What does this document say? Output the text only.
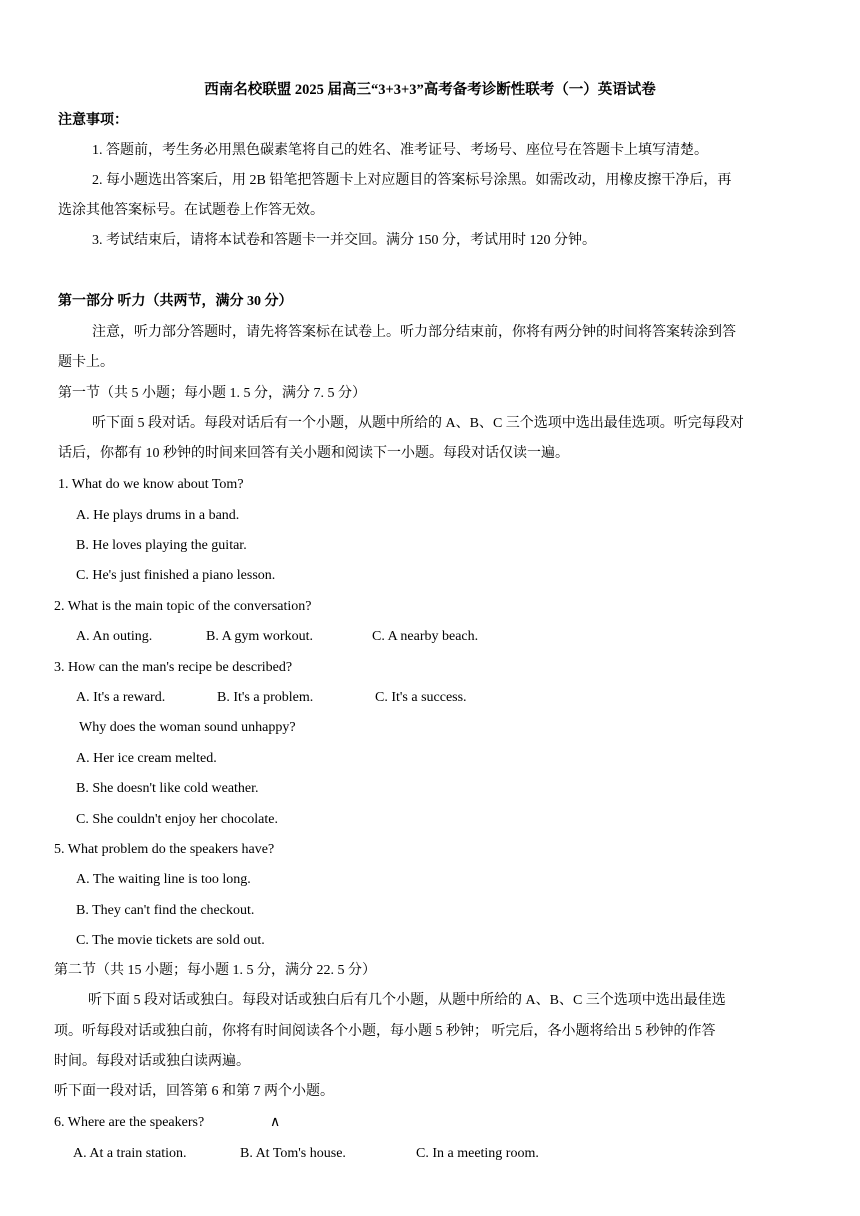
西南名校联盟 2025 届高三“3+3+3”高考备考诊断性联考（一）英语试卷
注意事项：
1. 答题前，考生务必用黑色碳素笔将自己的姓名、准考证号、考场号、座位号在答题卡上填写清楚。
2. 每小题选出答案后，用 2B 铅笔把答题卡上对应题目的答案标号涂黑。如需改动，用橡皮擦干净后，再
选涂其他答案标号。在试题卷上作答无效。
3. 考试结束后，请将本试卷和答题卡一并交回。满分 150 分，考试用时 120 分钟。
第一部分 听力（共两节，满分 30 分）
注意，听力部分答题时，请先将答案标在试卷上。听力部分结束前，你将有两分钟的时间将答案转涂到答
题卡上。
第一节（共 5 小题；每小题 1. 5 分，满分 7. 5 分）
听下面 5 段对话。每段对话后有一个小题，从题中所给的 A、B、C 三个选项中选出最佳选项。听完每段对
话后，你都有 10 秒钟的时间来回答有关小题和阅读下一小题。每段对话仅读一遍。
1. What do we know about Tom?
A. He plays drums in a band.
B. He loves playing the guitar.
C. He's just finished a piano lesson.
2. What is the main topic of the conversation?
A. An outing.	B. A gym workout.	C. A nearby beach.
3. How can the man's recipe be described?
A. It's a reward.	B. It's a problem.	C. It's a success.
Why does the woman sound unhappy?
A. Her ice cream melted.
B. She doesn't like cold weather.
C. She couldn't enjoy her chocolate.
5. What problem do the speakers have?
A. The waiting line is too long.
B. They can't find the checkout.
C. The movie tickets are sold out.
第二节（共 15 小题；每小题 1. 5 分，满分 22. 5 分）
听下面 5 段对话或独白。每段对话或独白后有几个小题，从题中所给的 A、B、C 三个选项中选出最佳选
项。听每段对话或独白前，你将有时间阅读各个小题，每小题 5 秒钟； 听完后，各小题将给出 5 秒钟的作答
时间。每段对话或独白读两遍。
听下面一段对话，回答第 6 和第 7 两个小题。
6. Where are the speakers?	∧
A. At a train station.	B. At Tom's house.	C. In a meeting room.
